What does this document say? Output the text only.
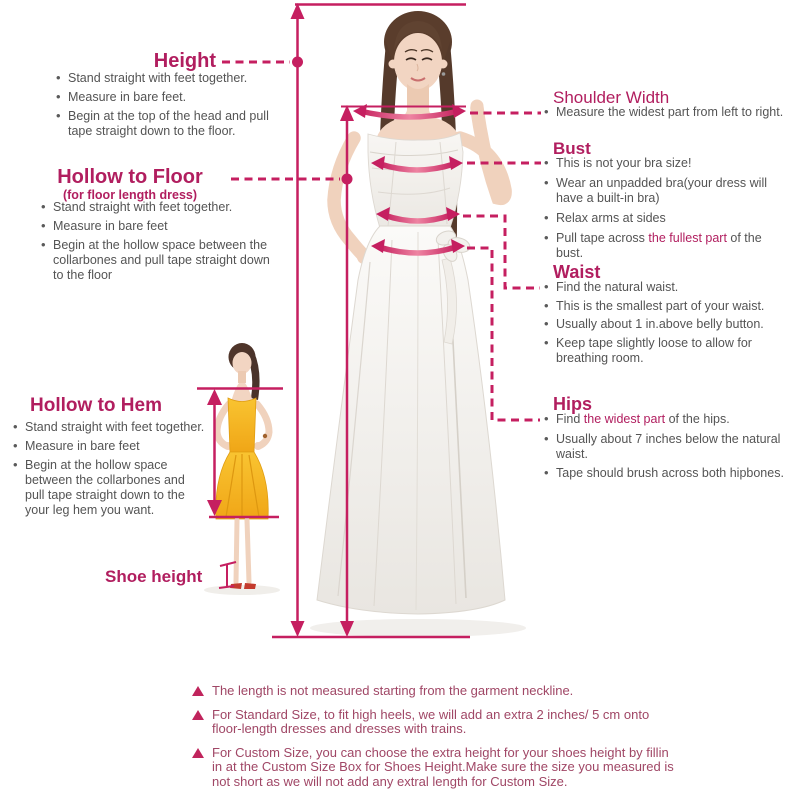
Height
• Stand straight with feet together.
• Measure in bare feet.
• Begin at the top of the head and pull tape straight down to the floor.
Hollow to Floor
(for floor length dress)
• Stand straight with feet together.
• Measure in bare feet
• Begin at the hollow space between the collarbones and pull tape straight down to the floor
Hollow to Hem
• Stand straight with feet together.
• Measure in bare feet
• Begin at the hollow space between the collarbones and pull tape straight down to the your leg hem you want.
Shoe height
Shoulder Width
• Measure the widest part from left to right.
Bust
• This is not your bra size!
• Wear an unpadded bra(your dress will have a built-in bra)
• Relax arms at sides
• Pull tape across the fullest part of the bust.
Waist
• Find the natural waist.
• This is the smallest part of your waist.
• Usually about 1 in.above belly button.
• Keep tape slightly loose to allow for breathing room.
Hips
• Find the widest part of the hips.
• Usually about 7 inches below the natural waist.
• Tape should brush across both hipbones.
The length is not measured starting from the garment neckline.
For Standard Size, to fit high heels, we will add an extra 2 inches/ 5 cm onto
floor-length dresses and dresses with trains.
For Custom Size, you can choose the extra height for your shoes height by fillin
in at the Custom Size Box for Shoes Height.Make sure the size you measured is
not short as we will not add any extral length for Custom Size.
